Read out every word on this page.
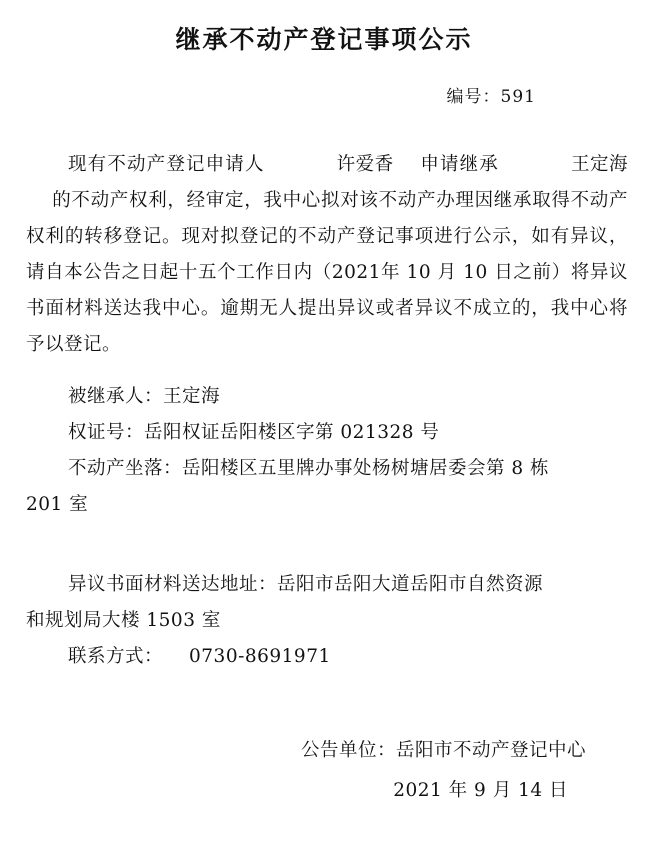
继承不动产登记事项公示
编号：591

现有不动产登记申请人	许爱香 申请继承	王定海的不动产权利，经审定，我中心拟对该不动产办理因继承取得不动产权利的转移登记。现对拟登记的不动产登记事项进行公示，如有异议，请自本公告之日起十五个工作日内（2021年 10 月 10 日之前）将异议书面材料送达我中心。逾期无人提出异议或者异议不成立的，我中心将予以登记。

被继承人：王定海
权证号：岳阳权证岳阳楼区字第 021328 号
不动产坐落：岳阳楼区五里牌办事处杨树塘居委会第 8 栋
201 室
异议书面材料送达地址：岳阳市岳阳大道岳阳市自然资源
和规划局大楼 1503 室
联系方式： 0730-8691971
公告单位：岳阳市不动产登记中心
2021 年 9 月 14 日
